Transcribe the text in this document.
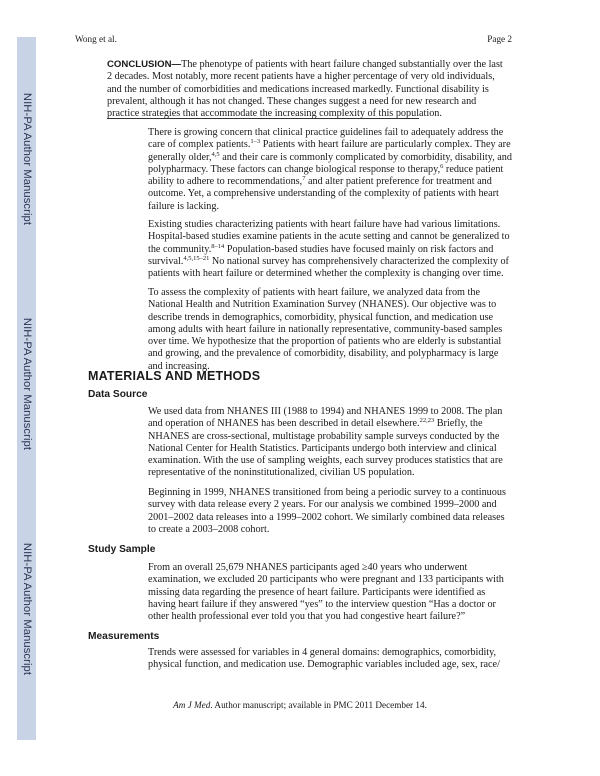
NIH-PA Author Manuscript
NIH-PA Author Manuscript
NIH-PA Author Manuscript
Wong et al.	Page 2
CONCLUSION—The phenotype of patients with heart failure changed substantially over the last 2 decades. Most notably, more recent patients have a higher percentage of very old individuals, and the number of comorbidities and medications increased markedly. Functional disability is prevalent, although it has not changed. These changes suggest a need for new research and practice strategies that accommodate the increasing complexity of this population.

There is growing concern that clinical practice guidelines fail to adequately address the care of complex patients.$^{1-3}$ Patients with heart failure are particularly complex. They are generally older,$^{4,5}$ and their care is commonly complicated by comorbidity, disability, and polypharmacy. These factors can change biological response to therapy,$^6$ reduce patient ability to adhere to recommendations,$^7$ and alter patient preference for treatment and outcome. Yet, a comprehensive understanding of the complexity of patients with heart failure is lacking.

Existing studies characterizing patients with heart failure have had various limitations. Hospital-based studies examine patients in the acute setting and cannot be generalized to the community.$^{8-14}$ Population-based studies have focused mainly on risk factors and survival.$^{4,5,15-21}$ No national survey has comprehensively characterized the complexity of patients with heart failure or determined whether the complexity is changing over time.

To assess the complexity of patients with heart failure, we analyzed data from the National Health and Nutrition Examination Survey (NHANES). Our objective was to describe trends in demographics, comorbidity, physical function, and medication use among adults with heart failure in nationally representative, community-based samples over time. We hypothesize that the proportion of patients who are elderly is substantial and growing, and the prevalence of comorbidity, disability, and polypharmacy is large and increasing.

MATERIALS AND METHODS
Data Source

We used data from NHANES III (1988 to 1994) and NHANES 1999 to 2008. The plan and operation of NHANES has been described in detail elsewhere.$^{22,23}$ Briefly, the NHANES are cross-sectional, multistage probability sample surveys conducted by the National Center for Health Statistics. Participants undergo both interview and clinical examination. With the use of sampling weights, each survey produces statistics that are representative of the noninstitutionalized, civilian US population.

Beginning in 1999, NHANES transitioned from being a periodic survey to a continuous survey with data release every 2 years. For our analysis we combined 1999–2000 and 2001–2002 data releases into a 1999–2002 cohort. We similarly combined data releases to create a 2003–2008 cohort.

Study Sample

From an overall 25,679 NHANES participants aged ≥40 years who underwent examination, we excluded 20 participants who were pregnant and 133 participants with missing data regarding the presence of heart failure. Participants were identified as having heart failure if they answered “yes” to the interview question “Has a doctor or other health professional ever told you that you had congestive heart failure?”

Measurements

Trends were assessed for variables in 4 general domains: demographics, comorbidity, physical function, and medication use. Demographic variables included age, sex, race/

Am J Med. Author manuscript; available in PMC 2011 December 14.
